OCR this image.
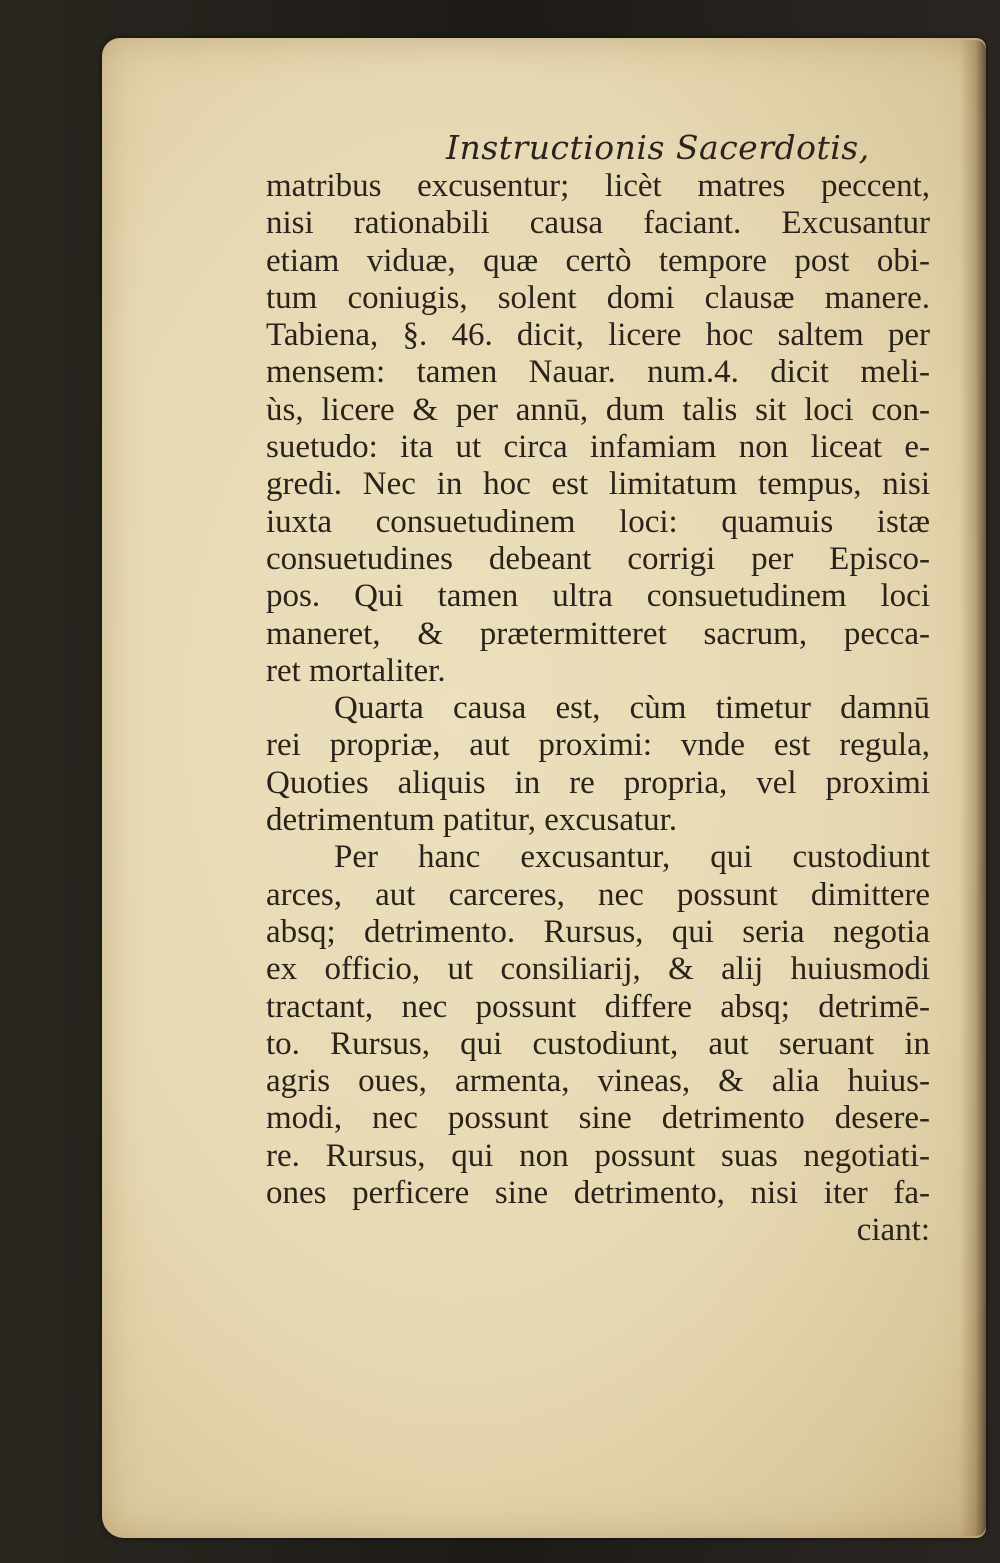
Instructionis Sacerdotis,
matribus excusentur; licèt matres peccent,
nisi rationabili causa faciant. Excusantur
etiam viduæ, quæ certò tempore post obi-
tum coniugis, solent domi clausæ manere.
Tabiena, §. 46. dicit, licere hoc saltem per
mensem: tamen Nauar. num.4. dicit meli-
ùs, licere & per annū, dum talis sit loci con-
suetudo: ita ut circa infamiam non liceat e-
gredi. Nec in hoc est limitatum tempus, nisi
iuxta consuetudinem loci: quamuis istæ
consuetudines debeant corrigi per Episco-
pos. Qui tamen ultra consuetudinem loci
maneret, & prætermitteret sacrum, pecca-
ret mortaliter.
Quarta causa est, cùm timetur damnū
rei propriæ, aut proximi: vnde est regula,
Quoties aliquis in re propria, vel proximi
detrimentum patitur, excusatur.
Per hanc excusantur, qui custodiunt
arces, aut carceres, nec possunt dimittere
absq; detrimento. Rursus, qui seria negotia
ex officio, ut consiliarij, & alij huiusmodi
tractant, nec possunt differe absq; detrimē-
to. Rursus, qui custodiunt, aut seruant in
agris oues, armenta, vineas, & alia huius-
modi, nec possunt sine detrimento desere-
re. Rursus, qui non possunt suas negotiati-
ones perficere sine detrimento, nisi iter fa-
ciant:
